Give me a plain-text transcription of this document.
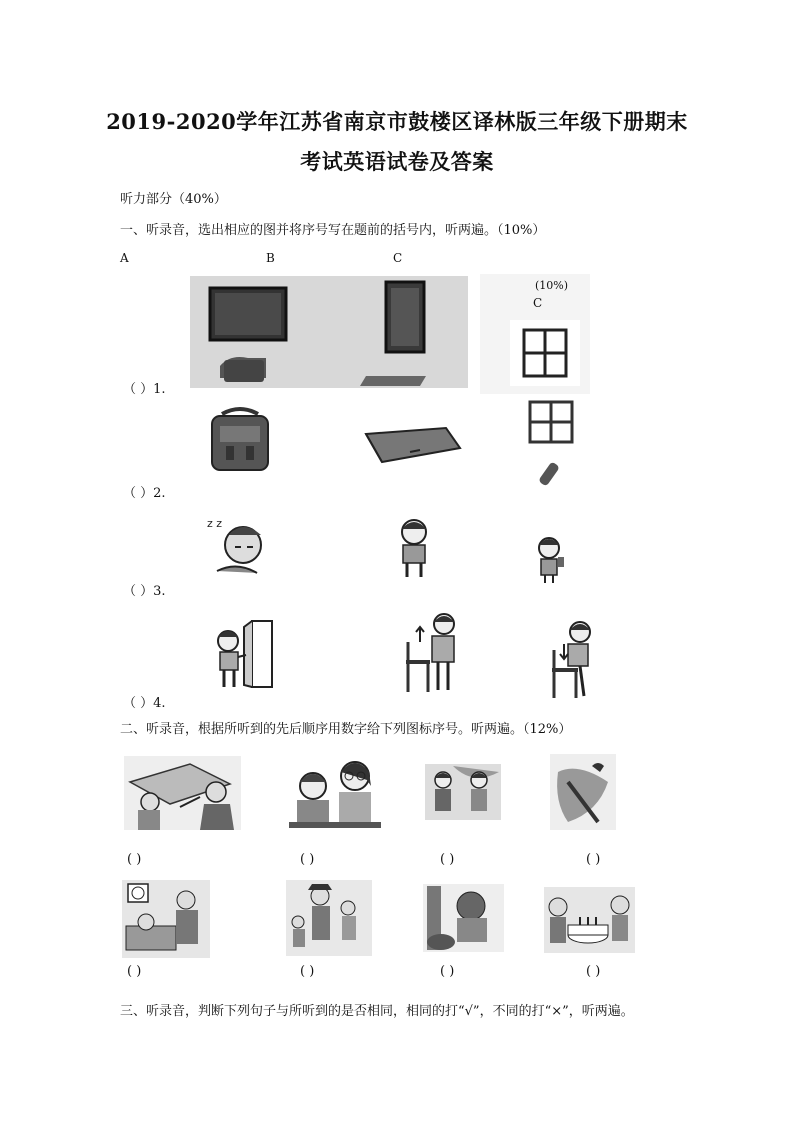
2019-2020学年江苏省南京市鼓楼区译林版三年级下册期末
考试英语试卷及答案
听力部分（40%）
一、听录音，选出相应的图并将序号写在题前的括号内，听两遍。（10%）
A	B	C
(10%)
C
（ ）1.
（ ）2.
z z
（ ）3.
（ ）4.
二、听录音，根据所听到的先后顺序用数字给下列图标序号。听两遍。（12%）
( )	( )	( )	( )
( )	( )	( )	( )
三、听录音，判断下列句子与所听到的是否相同，相同的打“√”，不同的打“×”，听两遍。
